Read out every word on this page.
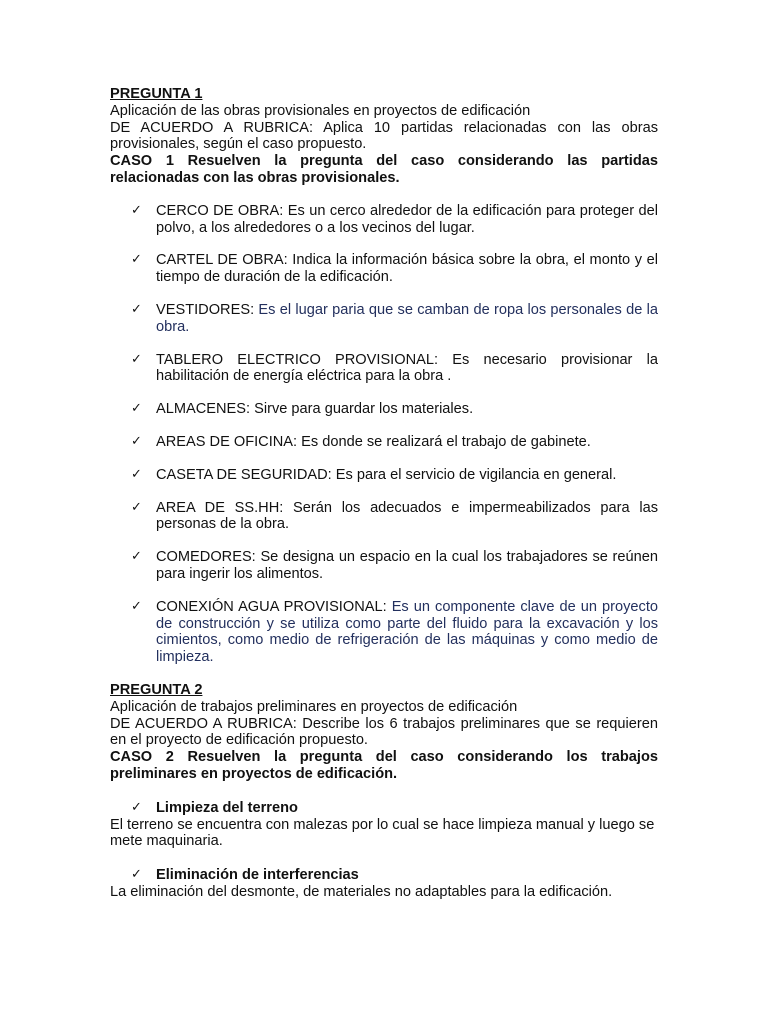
PREGUNTA 1

Aplicación de las obras provisionales en proyectos de edificación

DE ACUERDO A RUBRICA: Aplica 10 partidas relacionadas con las obras provisionales, según el caso propuesto.

CASO 1 Resuelven la pregunta del caso considerando las partidas relacionadas con las obras provisionales.

✓ CERCO DE OBRA: Es un cerco alrededor de la edificación para proteger del polvo, a los alrededores o a los vecinos del lugar.
✓ CARTEL DE OBRA: Indica la información básica sobre la obra, el monto y el tiempo de duración de la edificación.
✓ VESTIDORES: Es el lugar paria que se camban de ropa los personales de la obra.
✓ TABLERO ELECTRICO PROVISIONAL: Es necesario provisionar la habilitación de energía eléctrica para la obra .
✓ ALMACENES: Sirve para guardar los materiales.
✓ AREAS DE OFICINA: Es donde se realizará el trabajo de gabinete.
✓ CASETA DE SEGURIDAD: Es para el servicio de vigilancia en general.
✓ AREA DE SS.HH: Serán los adecuados e impermeabilizados para las personas de la obra.
✓ COMEDORES: Se designa un espacio en la cual los trabajadores se reúnen para ingerir los alimentos.
✓ CONEXIÓN AGUA PROVISIONAL: Es un componente clave de un proyecto de construcción y se utiliza como parte del fluido para la excavación y los cimientos, como medio de refrigeración de las máquinas y como medio de limpieza.

PREGUNTA 2

Aplicación de trabajos preliminares en proyectos de edificación

DE ACUERDO A RUBRICA: Describe los 6 trabajos preliminares que se requieren en el proyecto de edificación propuesto.

CASO 2 Resuelven la pregunta del caso considerando los trabajos preliminares en proyectos de edificación.

✓ Limpieza del terreno

El terreno se encuentra con malezas por lo cual se hace limpieza manual y luego se mete maquinaria.

✓ Eliminación de interferencias

La eliminación del desmonte, de materiales no adaptables para la edificación.
